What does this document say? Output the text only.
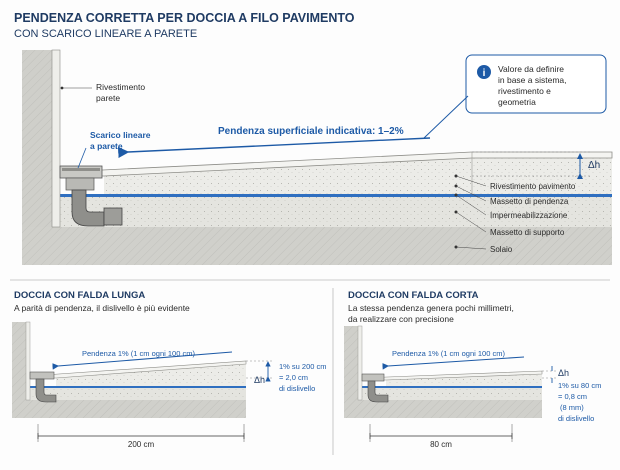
PENDENZA CORRETTA PER DOCCIA A FILO PAVIMENTO
CON SCARICO LINEARE A PARETE
Rivestimento
parete
Scarico lineare
a parete
Pendenza superficiale indicativa: 1–2%
i Valore da definire
in base a sistema,
rivestimento e
geometria
Δh
Rivestimento pavimento
Massetto di pendenza
Impermeabilizzazione
Massetto di supporto
Solaio
DOCCIA CON FALDA LUNGA
A parità di pendenza, il dislivello è più evidente
Pendenza 1% (1 cm ogni 100 cm)
Δh
1% su 200 cm
= 2,0 cm
di dislivello
200 cm
DOCCIA CON FALDA CORTA
La stessa pendenza genera pochi millimetri,
da realizzare con precisione
Pendenza 1% (1 cm ogni 100 cm)
Δh
1% su 80 cm
= 0,8 cm
(8 mm)
di dislivello
80 cm
